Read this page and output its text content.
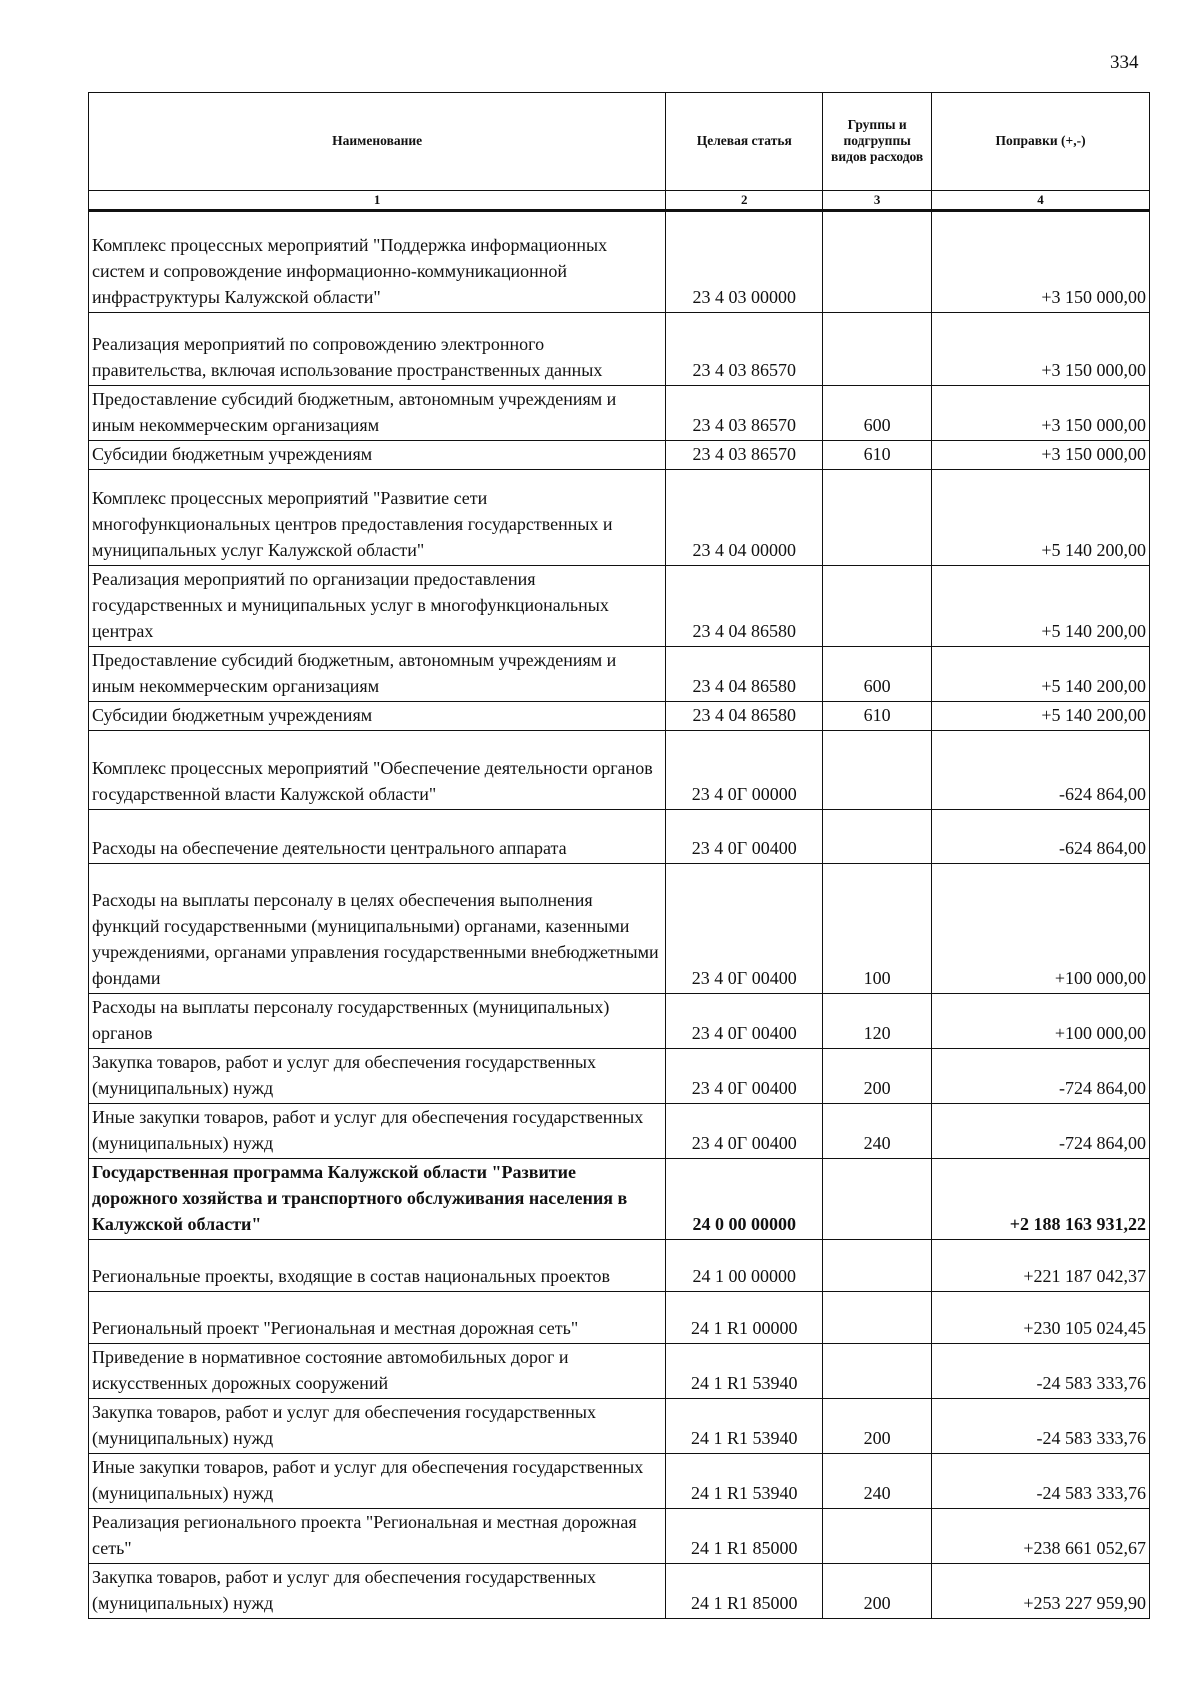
334
Наименование	Целевая статья	Группы и подгруппы видов расходов	Поправки (+,-)
1	2	3	4
Комплекс процессных мероприятий "Поддержка информационных систем и сопровождение информационно-коммуникационной инфраструктуры Калужской области"	23 4 03 00000		+3 150 000,00
Реализация мероприятий по сопровождению электронного правительства, включая использование пространственных данных	23 4 03 86570		+3 150 000,00
Предоставление субсидий бюджетным, автономным учреждениям и иным некоммерческим организациям	23 4 03 86570	600	+3 150 000,00
Субсидии бюджетным учреждениям	23 4 03 86570	610	+3 150 000,00
Комплекс процессных мероприятий "Развитие сети многофункциональных центров предоставления государственных и муниципальных услуг Калужской области"	23 4 04 00000		+5 140 200,00
Реализация мероприятий по организации предоставления государственных и муниципальных услуг в многофункциональных центрах	23 4 04 86580		+5 140 200,00
Предоставление субсидий бюджетным, автономным учреждениям и иным некоммерческим организациям	23 4 04 86580	600	+5 140 200,00
Субсидии бюджетным учреждениям	23 4 04 86580	610	+5 140 200,00
Комплекс процессных мероприятий "Обеспечение деятельности органов государственной власти Калужской области"	23 4 0Г 00000		-624 864,00
Расходы на обеспечение деятельности центрального аппарата	23 4 0Г 00400		-624 864,00
Расходы на выплаты персоналу в целях обеспечения выполнения функций государственными (муниципальными) органами, казенными учреждениями, органами управления государственными внебюджетными фондами	23 4 0Г 00400	100	+100 000,00
Расходы на выплаты персоналу государственных (муниципальных) органов	23 4 0Г 00400	120	+100 000,00
Закупка товаров, работ и услуг для обеспечения государственных (муниципальных) нужд	23 4 0Г 00400	200	-724 864,00
Иные закупки товаров, работ и услуг для обеспечения государственных (муниципальных) нужд	23 4 0Г 00400	240	-724 864,00
Государственная программа Калужской области "Развитие дорожного хозяйства и транспортного обслуживания населения в Калужской области"	24 0 00 00000		+2 188 163 931,22
Региональные проекты, входящие в состав национальных проектов	24 1 00 00000		+221 187 042,37
Региональный проект "Региональная и местная дорожная сеть"	24 1 R1 00000		+230 105 024,45
Приведение в нормативное состояние автомобильных дорог и искусственных дорожных сооружений	24 1 R1 53940		-24 583 333,76
Закупка товаров, работ и услуг для обеспечения государственных (муниципальных) нужд	24 1 R1 53940	200	-24 583 333,76
Иные закупки товаров, работ и услуг для обеспечения государственных (муниципальных) нужд	24 1 R1 53940	240	-24 583 333,76
Реализация регионального проекта "Региональная и местная дорожная сеть"	24 1 R1 85000		+238 661 052,67
Закупка товаров, работ и услуг для обеспечения государственных (муниципальных) нужд	24 1 R1 85000	200	+253 227 959,90
